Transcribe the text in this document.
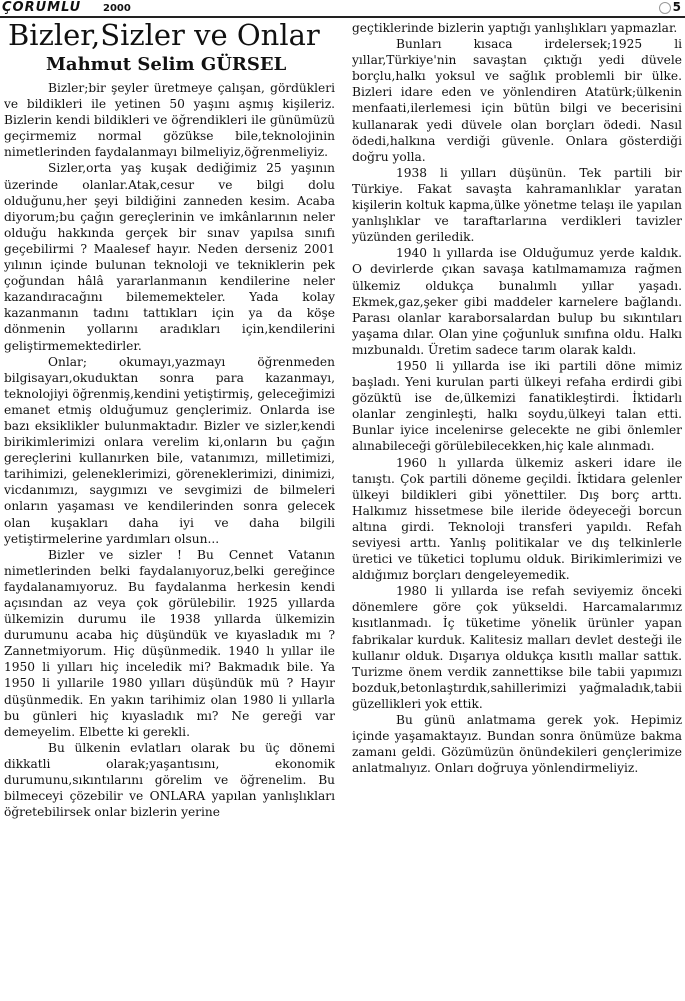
ÇORUMLU 2000	5
Bizler,Sizler ve Onlar
Mahmut Selim GÜRSEL

Bizler;bir şeyler üretmeye çalışan, gördükleri ve bildikleri ile yetinen 50 yaşını aşmış kişileriz. Bizlerin kendi bildikleri ve öğrendikleri ile günümüzü geçirmemiz normal gözükse bile,teknolojinin nimetlerinden faydalanmayı bilmeliyiz,öğrenmeliyiz.

Sizler,orta yaş kuşak dediğimiz 25 yaşının üzerinde olanlar.Atak,cesur ve bilgi dolu olduğunu,her şeyi bildiğini zanneden kesim. Acaba diyorum;bu çağın gereçlerinin ve imkânlarının neler olduğu hakkında gerçek bir sınav yapılsa sınıfı geçebilirmi ? Maalesef hayır. Neden derseniz 2001 yılının içinde bulunan teknoloji ve tekniklerin pek çoğundan hâlâ yararlanmanın kendilerine neler kazandıracağını bilememekteler. Yada kolay kazanmanın tadını tattıkları için ya da köşe dönmenin yollarını aradıkları için,kendilerini geliştirmemektedirler.

Onlar; okumayı,yazmayı öğrenmeden bilgisayarı,okuduktan sonra para kazanmayı, teknolojiyi öğrenmiş,kendini yetiştirmiş, geleceğimizi emanet etmiş olduğumuz gençlerimiz. Onlarda ise bazı eksiklikler bulunmaktadır. Bizler ve sizler,kendi birikimlerimizi onlara verelim ki,onların bu çağın gereçlerini kullanırken bile, vatanımızı, milletimizi, tarihimizi, geleneklerimizi, göreneklerimizi, dinimizi, vicdanımızı, saygımızı ve sevgimizi de bilmeleri onların yaşaması ve kendilerinden sonra gelecek olan kuşakları daha iyi ve daha bilgili yetiştirmelerine yardımları olsun...

Bizler ve sizler ! Bu Cennet Vatanın nimetlerinden belki faydalanıyoruz,belki gereğince faydalanamıyoruz. Bu faydalanma herkesin kendi açısından az veya çok görülebilir. 1925 yıllarda ülkemizin durumu ile 1938 yıllarda ülkemizin durumunu acaba hiç düşündük ve kıyasladık mı ? Zannetmiyorum. Hiç düşünmedik. 1940 lı yıllar ile 1950 li yılları hiç inceledik mi? Bakmadık bile. Ya 1950 li yıllarile 1980 yılları düşündük mü ? Hayır düşünmedik. En yakın tarihimiz olan 1980 li yıllarla bu günleri hiç kıyasladık mı? Ne gereği var demeyelim. Elbette ki gerekli.

Bu ülkenin evlatları olarak bu üç dönemi dikkatli olarak;yaşantısını, ekonomik durumunu,sıkıntılarını görelim ve öğrenelim. Bu bilmeceyi çözebilir ve ONLARA yapılan yanlışlıkları öğretebilirsek onlar bizlerin yerine

geçtiklerinde bizlerin yaptığı yanlışlıkları yapmazlar.

Bunları kısaca irdelersek;1925 li yıllar,Türkiye'nin savaştan çıktığı yedi düvele borçlu,halkı yoksul ve sağlık problemli bir ülke. Bizleri idare eden ve yönlendiren Atatürk;ülkenin menfaati,ilerlemesi için bütün bilgi ve becerisini kullanarak yedi düvele olan borçları ödedi. Nasıl ödedi,halkına verdiği güvenle. Onlara gösterdiği doğru yolla.

1938 li yılları düşünün. Tek partili bir Türkiye. Fakat savaşta kahramanlıklar yaratan kişilerin koltuk kapma,ülke yönetme telaşı ile yapılan yanlışlıklar ve taraftarlarına verdikleri tavizler yüzünden geriledik.

1940 lı yıllarda ise Olduğumuz yerde kaldık. O devirlerde çıkan savaşa katılmamamıza rağmen ülkemiz oldukça bunalımlı yıllar yaşadı. Ekmek,gaz,şeker gibi maddeler karnelere bağlandı. Parası olanlar karaborsalardan bulup bu sıkıntıları yaşama dılar. Olan yine çoğunluk sınıfına oldu. Halkı mızbunaldı. Üretim sadece tarım olarak kaldı.

1950 li yıllarda ise iki partili döne mimiz başladı. Yeni kurulan parti ülkeyi refaha erdirdi gibi gözüktü ise de,ülkemizi fanatikleştirdi. İktidarlı olanlar zenginleşti, halkı soydu,ülkeyi talan etti. Bunlar iyice incelenirse gelecekte ne gibi önlemler alınabileceği görülebilecekken,hiç kale alınmadı.

1960 lı yıllarda ülkemiz askeri idare ile tanıştı. Çok partili döneme geçildi. İktidara gelenler ülkeyi bildikleri gibi yönettiler. Dış borç arttı. Halkımız hissetmese bile ileride ödeyeceği borcun altına girdi. Teknoloji transferi yapıldı. Refah seviyesi arttı. Yanlış politikalar ve dış telkinlerle üretici ve tüketici toplumu olduk. Birikimlerimizi ve aldığımız borçları dengeleyemedik.

1980 li yıllarda ise refah seviyemiz önceki dönemlere göre çok yükseldi. Harcamalarımız kısıtlanmadı. İç tüketime yönelik ürünler yapan fabrikalar kurduk. Kalitesiz malları devlet desteği ile kullanır olduk. Dışarıya oldukça kısıtlı mallar sattık. Turizme önem verdik zannettikse bile tabii yapımızı bozduk,betonlaştırdık,sahillerimizi yağmaladık,tabii güzellikleri yok ettik.

Bu günü anlatmama gerek yok. Hepimiz içinde yaşamaktayız. Bundan sonra önümüze bakma zamanı geldi. Gözümüzün önündekileri gençlerimize anlatmalıyız. Onları doğruya yönlendirmeliyiz.
